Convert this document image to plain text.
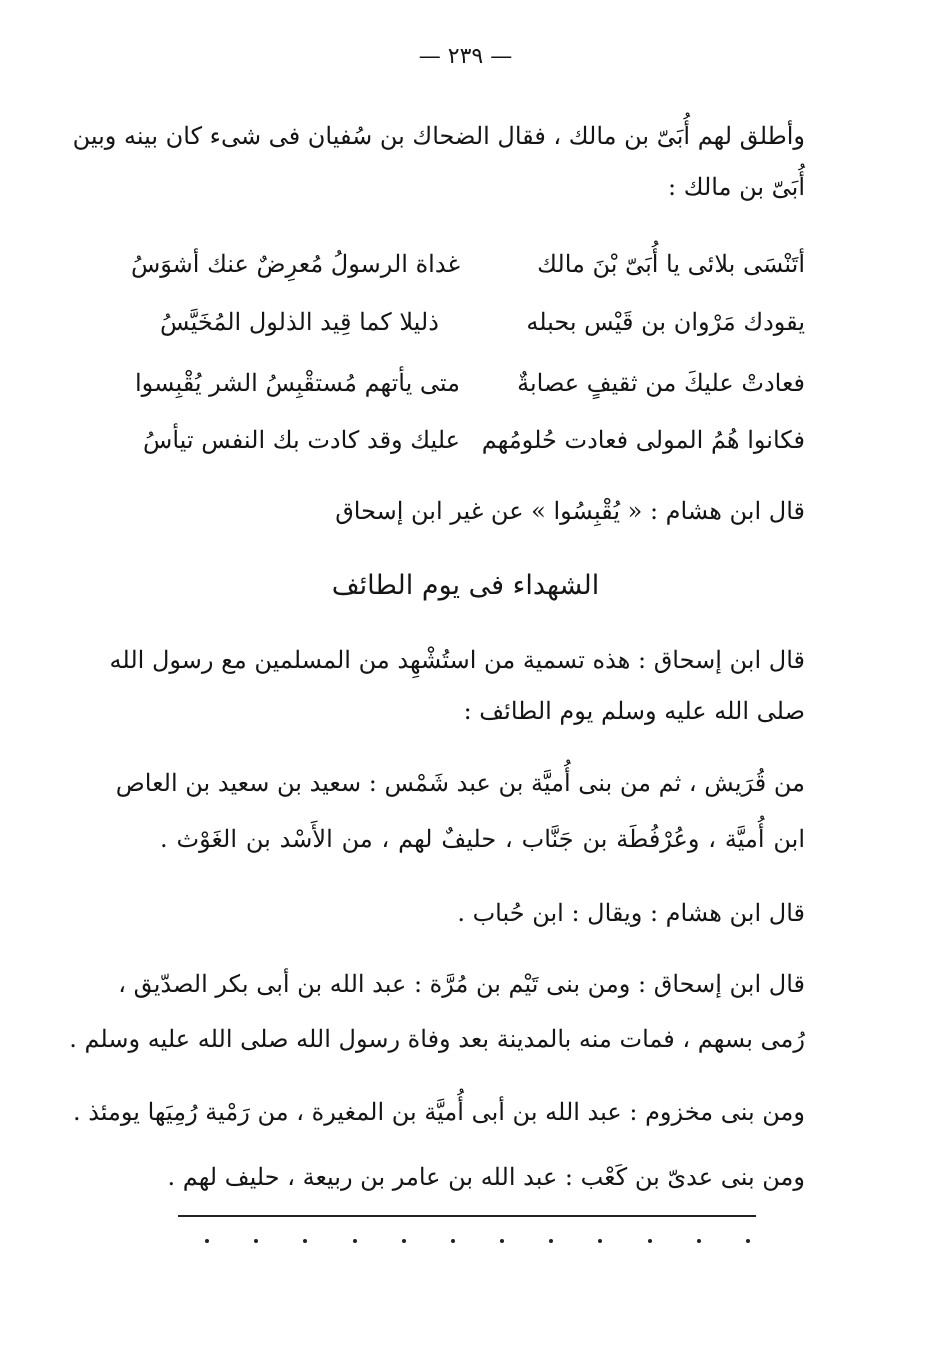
— ٢٣٩ —
وأطلق لهم أُبَىّ بن مالك ، فقال الضحاك بن سُفيان فى شىء كان بينه وبين
أُبَىّ بن مالك :
أتَنْسَى بلائى يا أُبَىّ بْنَ مالك
غداة الرسولُ مُعرِضٌ عنك أشوَسُ
يقودك مَرْوان بن قَيْس بحبله
ذليلا كما قِيد الذلول المُخَيَّسُ
فعادتْ عليكَ من ثقيفٍ عصابةٌ
متى يأتهم مُستقْبِسُ الشر يُقْبِسوا
فكانوا هُمُ المولى فعادت حُلومُهم
عليك وقد كادت بك النفس تيأسُ
قال ابن هشام : « يُقْبِسُوا » عن غير ابن إسحاق
الشهداء فى يوم الطائف
قال ابن إسحاق : هذه تسمية من استُشْهِد من المسلمين مع رسول الله
صلى الله عليه وسلم يوم الطائف :
من قُرَيش ، ثم من بنى أُميَّة بن عبد شَمْس : سعيد بن سعيد بن العاص
ابن أُميَّة ، وعُرْفُطَة بن جَنَّاب ، حليفٌ لهم ، من الأَسْد بن الغَوْث .
قال ابن هشام : ويقال : ابن حُباب .
قال ابن إسحاق : ومن بنى تَيْم بن مُرَّة : عبد الله بن أبى بكر الصدّيق ،
رُمى بسهم ، فمات منه بالمدينة بعد وفاة رسول الله صلى الله عليه وسلم .
ومن بنى مخزوم : عبد الله بن أبى أُميَّة بن المغيرة ، من رَمْية رُمِيَها يومئذ .
ومن بنى عدىّ بن كَعْب : عبد الله بن عامر بن ربيعة ، حليف لهم .
